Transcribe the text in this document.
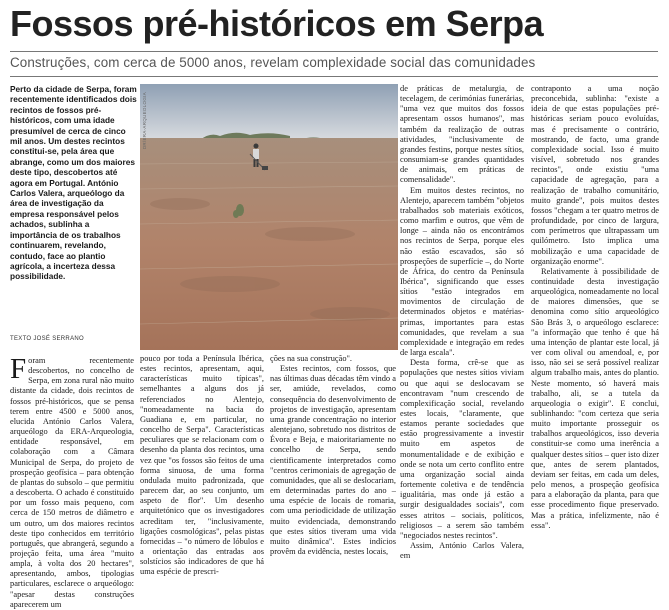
Fossos pré-históricos em Serpa
Construções, com cerca de 5000 anos, revelam complexidade social das comunidades
Perto da cidade de Serpa, foram recentemente identificados dois recintos de fossos pré-históricos, com uma idade presumível de cerca de cinco mil anos. Um destes recintos constitui-se, pela área que abrange, como um dos maiores deste tipo, descobertos até agora em Portugal. António Carlos Valera, arqueólogo da área de investigação da empresa responsável pelos achados, sublinha a importância de os trabalhos continuarem, revelando, contudo, face ao plantio agrícola, a incerteza dessa possibilidade.
DR/ERA-ARQUEOLOGIA
TEXTO JOSÉ SERRANO

Foram recentemente descobertos, no concelho de Serpa, em zona rural não muito distante da cidade, dois recintos de fossos pré-históricos, que se pensa terem entre 4500 e 5000 anos, elucida António Carlos Valera, arqueólogo da ERA-Arqueologia, entidade responsável, em colaboração com a Câmara Municipal de Serpa, do projeto de prospeção geofísica – para obtenção de plantas do subsolo – que permitiu a descoberta. O achado é constituído por um fosso mais pequeno, com cerca de 150 metros de diâmetro e um outro, um dos maiores recintos deste tipo conhecidos em território português, que abrangerá, segundo a projeção feita, uma área "muito ampla, à volta dos 20 hectares", apresentando, ambos, tipologias particulares, esclarece o arqueólogo: "apesar destas construções aparecerem um

pouco por toda a Península Ibérica, estes recintos, apresentam, aqui, características muito típicas", semelhantes a alguns dos já referenciados no Alentejo, "nomeadamente na bacia do Guadiana e, em particular, no concelho de Serpa". Características peculiares que se relacionam com o desenho da planta dos recintos, uma vez que "os fossos são feitos de uma forma sinuosa, de uma forma ondulada muito padronizada, que parecem dar, ao seu conjunto, um aspeto de flor". Um desenho arquitetónico que os investigadores acreditam ter, "inclusivamente, ligações cosmológicas", pelas pistas fornecidas – "o número de lóbulos e a orientação das entradas aos solstícios são indicadores de que há uma espécie de prescri-

ções na sua construção".

Estes recintos, com fossos, que nas últimas duas décadas têm vindo a ser, amiúde, revelados, como consequência do desenvolvimento de projetos de investigação, apresentam uma grande concentração no interior alentejano, sobretudo nos distritos de Évora e Beja, e maioritariamente no concelho de Serpa, sendo cientificamente interpretados como "centros cerimoniais de agregação de comunidades, que ali se deslocariam, em determinadas partes do ano – uma espécie de locais de romaria, com uma periodicidade de utilização muito evidenciada, demonstrando que estes sítios tiveram uma vida muito dinâmica". Estes indícios provêm da evidência, nestes locais,

de práticas de metalurgia, de tecelagem, de cerimónias funerárias, "uma vez que muitos dos fossos apresentam ossos humanos", mas também da realização de outras atividades, "inclusivamente de grandes festins, porque nestes sítios, consumiam-se grandes quantidades de animais, em práticas de comensalidade".

Em muitos destes recintos, no Alentejo, aparecem também "objetos trabalhados sob materiais exóticos, como marfim e outros, que vêm de longe – ainda não os encontrámos nos recintos de Serpa, porque eles não estão escavados, são só prospeções de superfície –, do Norte de África, do centro da Península Ibérica", significando que esses sítios "estão integrados em movimentos de circulação de determinados objetos e matérias-primas, importantes para estas comunidades, que revelam a sua complexidade e integração em redes de larga escala".

Desta forma, crê-se que as populações que nestes sítios viviam ou que aqui se deslocavam se encontravam "num crescendo de complexificação social, revelando estes locais, "claramente, que estamos perante sociedades que estão progressivamente a investir muito em aspetos de monumentalidade e de exibição e onde se nota um certo conflito entre uma organização social ainda fortemente coletiva e de tendência igualitária, mas onde já estão a surgir desigualdades sociais", com esses atritos – sociais, políticos, religiosos – a serem são também "negociados nestes recintos".

Assim, António Carlos Valera, em

contraponto a uma noção preconcebida, sublinha: "existe a ideia de que estas populações pré-históricas seriam pouco evoluídas, mas é precisamente o contrário, mostrando, de facto, uma grande complexidade social. Isso é muito visível, sobretudo nos grandes recintos", onde existiu "uma capacidade de agregação, para a realização de trabalho comunitário, muito grande", pois muitos destes fossos "chegam a ter quatro metros de profundidade, por cinco de largura, com perímetros que ultrapassam um quilómetro. Isto implica uma mobilização e uma capacidade de organização enorme".

Relativamente à possibilidade de continuidade desta investigação arqueológica, nomeadamente no local de maiores dimensões, que se denomina como sítio arqueológico São Brás 3, o arqueólogo esclarece: "a informação que tenho é que há uma intenção de plantar este local, já ver com olival ou amendoal, e, por isso, não sei se será possível realizar algum trabalho mais, antes do plantio. Neste momento, só haverá mais trabalho, ali, se a tutela da arqueologia o exigir". E conclui, sublinhando: "com certeza que seria muito importante prosseguir os trabalhos arqueológicos, isso deveria constituir-se como uma inerência a qualquer destes sítios – quer isto dizer que, antes de serem plantados, deviam ser feitas, em cada um deles, pelo menos, a prospeção geofísica para a elaboração da planta, para que esse procedimento fique preservado. Mas a prática, infelizmente, não é essa".
